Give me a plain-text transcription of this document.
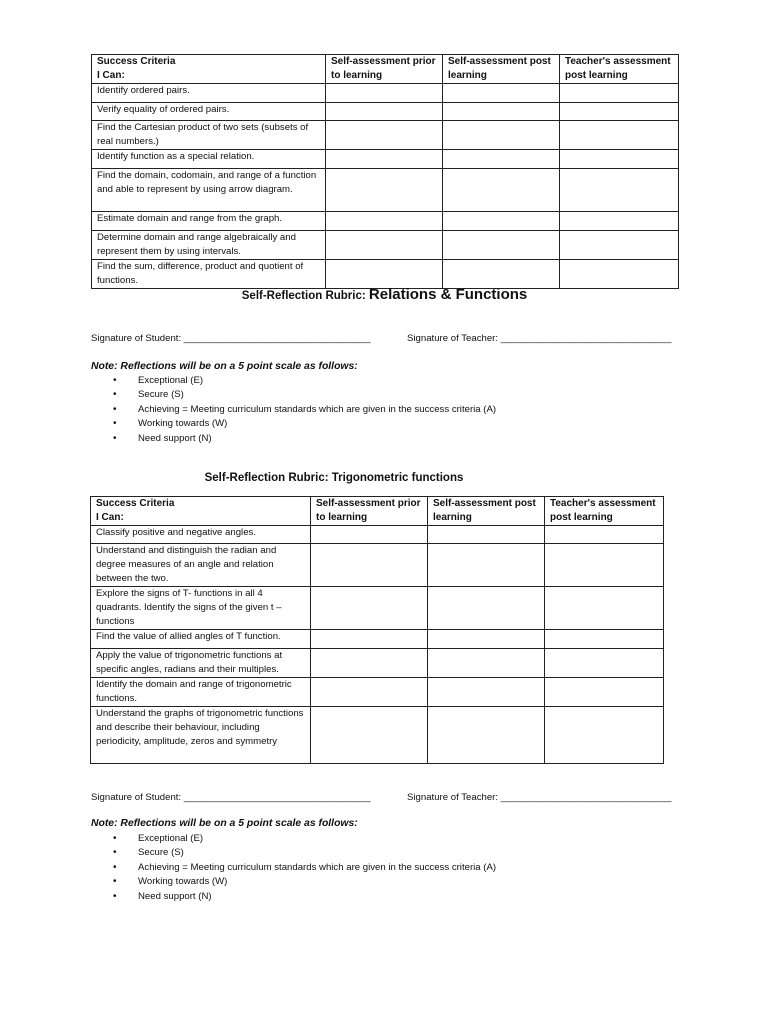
Success Criteria
I Can:	Self-assessment prior to learning	Self-assessment post learning	Teacher's assessment post learning
Identify ordered pairs.			
Verify equality of ordered pairs.			
Find the Cartesian product of two sets (subsets of real numbers.)			
Identify function as a special relation.			
Find the domain, codomain, and range of a function and able to represent by using arrow diagram.			
Estimate domain and range from the graph.			
Determine domain and range algebraically and represent them by using intervals.			
Find the sum, difference, product and quotient of functions.			
Self-Reflection Rubric: Relations & Functions
Signature of Student: ___________________________________	Signature of Teacher: ________________________________
Note: Reflections will be on a 5 point scale as follows:
• Exceptional (E)
• Secure (S)
• Achieving = Meeting curriculum standards which are given in the success criteria (A)
• Working towards (W)
• Need support (N)
Self-Reflection Rubric: Trigonometric functions
Success Criteria
I Can:	Self-assessment prior to learning	Self-assessment post learning	Teacher's assessment post learning
Classify positive and negative angles.			
Understand and distinguish the radian and degree measures of an angle and relation between the two.			
Explore the signs of T- functions in all 4 quadrants. Identify the signs of the given t – functions			
Find the value of allied angles of T function.			
Apply the value of trigonometric functions at specific angles, radians and their multiples.			
Identify the domain and range of trigonometric functions.			
Understand the graphs of trigonometric functions and describe their behaviour, including periodicity, amplitude, zeros and symmetry			
Signature of Student: ___________________________________	Signature of Teacher: ________________________________
Note: Reflections will be on a 5 point scale as follows:
• Exceptional (E)
• Secure (S)
• Achieving = Meeting curriculum standards which are given in the success criteria (A)
• Working towards (W)
• Need support (N)
